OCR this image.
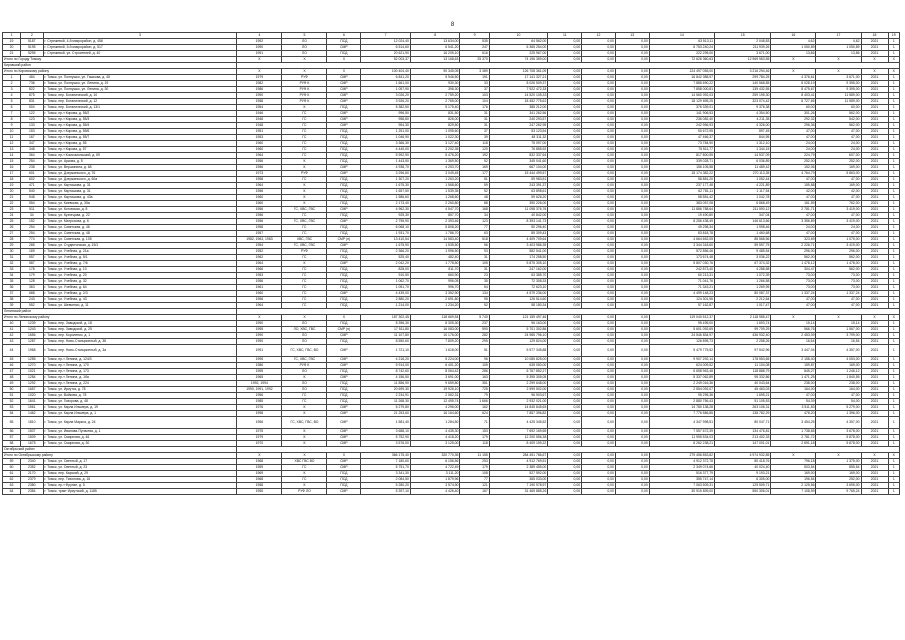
8
1	2	3	4	5	6	7	8	9	10	11	12	13	14	15	16	17	18	19
19	5187	г. Стрежевой, 4-й микрорайон, д. 456	1992	ЛО	ПСД	12 024,40	13 634,00	535	64 562,00	0,00	0,00	0,00	63 513,11	2 048,83	4,62	4,62	2021	1
20	5195	г. Стрежевой, 5-й микрорайон, д. 517	1990	ЛО	СМР	6 514,60	6 541,20	247	6 365 254,00	0,00	0,00	0,00	6 753 240,24	211 939,26	1 050,89	1 050,89	2021	1
21	5295	г. Стрежевой, ул. Строителей, д. 40	1991	ЛО	ПСД	20 621,90	16 205,10	616	225 967,00	0,00	0,00	0,00	222 295,00	3 671,00	13,86	13,86	2021	1
Итого по Городу Томску			X	X	X	52 003,37	13 168,63	25 370	74 196 359,00	0,00	0,00	0,00	72 626 360,63	12 969 963,55	X	X	X	X
Кировский район																		
Итого по Кировскому району			X	X	X	100 404,40	90 345,05	3 389	126 708 361,09	0,00	0,00	0,00	124 497 055,00	3 216 294,46	X	X	X	X
1	484	г. Томск, ул. Полнушко, ул. Гашкова, д. 45	1979	РУФ	СМР	6 841,20	5 946,50	191	17 141 327,21	0,00	0,00	0,00	16 842 088,97	299 784,25	4 376,61	3 671,00	2021	1
2	736	г. Томск, ул. Полнушко, ул. Ленина, д. 19	1982	РУФ К	СМР	1 661,00	930,30	33	8 026 509,37	0,00	0,00	0,00	7 885 690,22	140 568,85	8 028,19	9 395,00	2021	1
3	822	г. Томск, ул. Полнушко, ул. Ленина, д. 30	1986	РУФ К	СМР	1 057,90	398,30	37	7 922 472,33	0,00	0,00	0,00	7 858 000,81	139 432,55	8 475,67	9 395,00	2021	1
4	875	г. Томск, пер. Ботанический, д. 10	1990	РУФ К	СМР	3 026,20	2 759,20	103	14 520 105,33	0,00	0,00	0,00	14 560 092,03	259 195,30	8 403,41	11 589,00	2021	1
5	831	г. Томск, пер. Ботанический, д. 12	1958	РУФ К	СМР	3 926,20	2 765,00	104	18 452 775,62	0,00	0,00	0,00	18 129 695,25	323 074,42	6 727,65	11 589,00	2021	1
6	504	г. Томск, пер. Ботанический, д. 13/1	1954	К	ПСД	5 382,50	5 175,40	176	385 212,00	0,00	0,00	0,00	376 339,01	9 376,38	60,00	60,00	2021	1
7	122	г. Томск, пр-т Кирова, д. 55/2	1946	ГС	СМР	996,50	831,50	31	341 262,56	0,00	0,00	0,00	141 906,53	4 354,50	301,26	562,00	2021	1
8	123	г. Томск, пр-т Кирова, д. 55/3	1948	ГС	СМР	958,80	826,00	31	240 293,57	0,00	0,00	0,00	236 082,40	4 211,35	292,32	542,00	2021	1
9	133	г. Томск, пр-т Кирова, д. 55/4	1948	ГС	СМР	954,30	829,50	31	247 262,95	0,00	0,00	0,00	242 956,93	4 326,00	296,36	562,00	2021	1
10	153	г. Томск, пр-т Кирова, д. 55/6	1951	ГС	ПСД	1 251,00	1 095,60	37	53 123,54	0,00	0,00	0,00	50 672,95	897,45	47,00	47,00	2021	1
11	167	г. Томск, пр-т Кирова, д. 55/7	1953	ГС	ПСД	1 046,90	1 022,30	39	48 311,32	0,00	0,00	0,00	47 466,37	844,95	47,00	47,00	2021	1
12	347	г. Томск, пр-т Кирова, д. 55	1960	ГС	ПСД	3 366,30	3 127,40	118	75 097,00	0,00	0,00	0,00	73 784,90	1 312,10	24,00	24,00	2021	1
13	348	г. Томск, пр-т Кирова, д. 57	1960	ГС	ПСД	4 440,00	3 202,35	120	76 855,92	0,00	0,00	0,00	75 511,77	1 344,15	24,00	24,00	2021	1
14	364	г. Томск, пр-т Комсомольский, д. 69	1964	ГС	ПСД	5 992,90	5 476,20	192	832 337,64	0,00	0,00	0,00	817 800,55	14 537,09	224,79	607,00	2021	1
15	254	г. Томск, ул. Аркова, д. 5	1956	К	ПСД	1 443,50	1 369,50	52	345 041,60	0,00	0,00	0,00	339 028,71	6 036,89	252,00	252,00	2021	1
16	238	г. Томск, ул. Вершинина, д. 68	1956	К	СМР	4 938,70	4 253,70	169	667 104,00	0,00	0,00	0,00	156 105,58	11 489,42	152,06	169,00	2021	1
17	601	г. Томск, ул. Дзержинского, д. 76	1973	РУФ	СМР	3 296,60	3 049,45	177	15 444 499,57	0,00	0,00	0,00	15 174 382,22	270 113,35	4 764,79	5 863,00	2021	1
18	602	г. Томск, ул. Дзержинского, д. 60а	1958	ГС	ПСД	1 307,20	1 263,20	51	59 983,51	0,00	0,00	0,00	58 881,20	1 052,44	47,00	47,00	2021	1
19	471	г. Томск, ул. Карташова, д. 31	1964	К	ПСД	1 675,30	1 568,60	59	243 391,37	0,00	0,00	0,00	237 177,48	4 221,89	155,88	169,00	2021	1
20	540	г. Томск, ул. Карташова, д. 31	1956	К	ПСД	1 657,50	1 539,35	52	63 898,61	0,00	0,00	0,00	62 781,11	1 117,54	42,00	42,00	2021	1
21	548	г. Томск, ул. Карташова, д. 43а	1960	К	ПСД	1 586,60	1 268,60	48	59 626,20	0,00	0,00	0,00	58 581,42	1 042,78	47,00	47,00	2021	1
22	554	г. Томск, ул. Киевская, д. 35а	1960	К	ПСД	2 173,40	2 260,80	88	390 226,00	0,00	0,00	0,00	383 057,08	6 868,49	161,59	762,00	2021	1
23	511	г. Томск, ул. Котовская, д. 8	1956	ГС, ХВС, ГВС	СМР	4 962,30	4 547,70	168	11 098 376,76	0,00	0,00	0,00	11 886 788,64	211 590,12	2 781,71	3 419,00	2021	1
24	34	г. Томск, ул. Кузнецова, д. 22	1956	ГС	ПСД	925,30	857,70	34	40 842,00	0,00	0,00	0,00	19 490,80	347,04	47,00	47,00	2021	1
25	152	г. Томск, ул. Матросова, д. 6	1956	ГС, ХВС, ГВС	СМР	2 795,90	2 393,46	123	8 393 141,73	0,00	0,00	0,00	8 256 438,49	146 613,66	3 356,89	3 419,00	2021	1
26	254	г. Томск, ул. Советская, д. 46	1958	ГС	ПСД	6 068,10	5 808,20	77	50 296,40	0,00	0,00	0,00	49 298,34	1 998,46	24,00	24,00	2021	1
27	254	г. Томск, ул. Советская, д. 48	1957	ГС	ПСД	1 931,70	1 786,70	63	85 309,43	0,00	0,00	0,00	83 818,78	1 460,68	47,00	47,00	2021	1
28	774	г. Томск, ул. Советская, д. 105	1982, 1963, 1983	ХВС, ГВС	СМР (п)	13 410,54	14 583,40	518	4 409 709,64	0,00	0,00	0,00	4 664 652,05	85 568,56	323,69	1 075,00	2021	1
29	285	г. Томск, ул. Студенческая, д. 15/1	1954	ГС, ХВС, ГВС	СМР	1 675,90	1 535,50	56	3 403 986,35	0,00	0,00	0,00	3 344 318,60	59 597,75	2 226,71	3 419,00	2021	1
30	169	г. Томск, ул. Учебная, д. 21а	1952	РУФ	ПСД	2 366,20	1 996,50	93	582 541,00	0,00	0,00	0,00	572 856,46	9 485,54	296,00	296,00	2021	1
31	557	г. Томск, ул. Учебная, д. 5/1	1962	ГС	ПСД	525,40	482,40	31	174 258,50	0,00	0,00	0,00	173 674,48	3 036,22	562,00	562,00	2021	1
32	587	г. Томск, ул. Учебная, д. 7/6	1964	К	СМР	2 042,20	1 778,50	105	5 875 305,10	0,00	0,00	0,00	5 807 030,76	67 374,32	1 478,12	1 478,00	2021	1
33	178	г. Томск, ул. Учебная, д. 10	1966	ГС	ПСД	828,00	811,70	31	247 162,00	0,00	0,00	0,00	242 873,40	4 288,58	304,47	562,00	2021	1
34	179	г. Томск, ул. Учебная, д. 20	1953	ГС	ПСД	910,50	660,90	23	63 385,70	0,00	0,00	0,00	60 213,31	1 072,39	73,00	73,00	2021	1
35	128	г. Томск, ул. Учебная, д. 32	1956	ГС	ПСД	1 062,70	996,05	35	72 308,33	0,00	0,00	0,00	71 041,76	1 266,58	73,00	73,00	2021	1
36	363	г. Томск, ул. Учебная, д. 64	1961	ГС	ПСД	1 051,70	996,70	54	72 623,10	0,00	0,00	0,00	71 343,21	1 269,95	73,00	73,00	2021	1
37	688	г. Томск, ул. Учебная, д. 2/3	1960	ГС	СМР	4 439,00	3 352,90	134	4 579 236,00	0,00	0,00	0,00	4 499 148,23	80 087,37	1 337,24	1 337,24	2021	1
38	243	г. Томск, ул. Учебная, д. 43	1956	ГС	ПСД	2 880,20	2 691,80	95	126 514,60	0,00	0,00	0,00	124 301,96	2 212,64	47,00	47,00	2021	1
39	552	г. Томск, ул. Шевченко, д. 11	1964	ГС	ПСД	1 214,00	1 234,20	52	58 180,34	0,00	0,00	0,00	57 162,87	1 017,47	47,00	47,00	2021	1
Ленинский район																		
Итого по Ленинскому району			X	X	X	187 302,45	118 669,54	5 740	121 159 497,46	0,00	0,00	0,00	119 040 512,37	2 118 985,47	X	X	X	X
40	1239	г. Томск, пер. Заводской, д. 18	1990	ЛО	ПСД	8 396,30	8 305,30	237	96 163,00	0,00	0,00	0,00	95 495,00	1 693,74	15,14	15,14	2021	1
41	1243	г. Томск, пер. Заводской, д. 25	1995	ЛО, ХВС, ГВС	СМР (п)	17 511,80	16 083,00	590	5 701 302,86	0,00	0,00	0,00	5 601 092,69	99 709,29	566,76	1 567,00	2021	1
42	1656	г. Томск, пер. Короленко, д. 1	1990	ЛО	СМР	11 107,80	10 176,00	282	24 985 796,10	0,00	0,00	0,00	24 546 834,97	436 932,40	2 453,09	3 799,00	2021	1
43	1287	г. Томск, пер. Ново-Станционный, д. 38	1990	ЛО	ПСД	8 550,60	7 809,20	295	129 824,00	0,00	0,00	0,00	126 895,73	2 258,26	16,54	16,54	2021	1
44	1968	г. Томск, пер. Ново-Станционный, д. 3а	1991	ГС, ХВС, ГВС, ВО	СМР	1 721,10	1 618,00	51	5 577 345,88	0,00	0,00	0,00	5 479 775,52	97 542,96	3 447,04	4 357,00	2021	1
45	1255	г. Томск, пр-т Ленина, д. 124/3	1995	ГС, ХВС, ГВС	СМР	4 216,20	5 224,00	96	10 085 825,00	0,00	0,00	0,00	9 907 292,14	178 553,65	2 158,40	4 053,00	2021	1
46	1270	г. Томск, пр-т Ленина, д. 170	1986	РУФ К	СМР	5 914,00	6 401,20	105	635 050,00	0,00	0,00	0,00	624 009,52	11 104,08	159,87	169,00	2021	1
47	1021	г. Томск, пр-т Ленина, д. 173	1995	ЛО	ПСД	8 742,60	8 064,42	286	6 767 852,27	0,00	0,00	0,00	6 658 963,48	118 888,79	845,27	1 246,12	2021	1
48	1284	г. Томск, пр-т Ленина, д. 1ба	1965	К	СМР	4 156,50	3 691,00	163	5 395 305,05	0,00	0,00	0,00	5 337 062,89	95 332,86	1 471,25	1 840,55	2021	1
49	1292	г. Томск, пр-т Ленина, д. 224	1992, 1994	ЛО	ПСД	11 856,90	9 659,80	351	2 299 648,00	0,00	0,00	0,00	2 249 016,36	40 043,64	238,00	238,00	2021	1
50	1657	г. Томск, ул. Иркутск, д. 78	1990, 1991, 1992	ЛО	ПСД	20 699,30	19 926,10	725	2 599 502,00	0,00	0,00	0,00	2 554 092,07	45 463,03	164,00	164,00	2021	1
51	1020	г. Томск, ул. Войкова, д. 78	1956	ГС	ПСД	2 234,91	2 062,31	79	96 903,67	0,00	0,00	0,00	95 295,36	1 695,21	47,00	47,00	2021	1
52	1641	г. Томск, ул. Говорова, д. 48	1985	ГС	ПСД	11 268,30	12 495,74	1 666	2 932 021,00	0,00	0,00	0,00	2 880 756,43	51 105,53	54,39	54,00	2021	1
53	1561	г. Томск, ул. Карла Ильмера, д. 19	1976	К	СМР	5 279,80	4 296,00	162	14 845 845,65	0,00	0,00	0,00	14 780 138,28	263 106,31	3 511,83	5 279,00	2021	1
54	1462	г. Томск, ул. Карла Ильмера, д. 1	1998	К	СМР	21 253,60	16 164,60	624	7 857 396,82	0,00	0,00	0,00	7 776 586,85	138 782,29	478,20	1 396,00	2021	1
55	1810	г. Томск, ул. Карла Маркса, д. 24	1956	ГС, ХВС, ГВС, ВО	СМР	1 581,40	1 284,50	71	4 425 345,52	0,00	0,00	0,00	4 347 998,51	80 047,71	3 454,25	4 357,00	2021	1
56	1507	г. Томск, ул. Иванова-Пугачева, д. 1	1975	К	СМР	3 688,10	4 435,30	153	7 692 169,65	0,00	0,00	0,00	7 557 672,39	134 476,81	1 738,65	3 678,00	2021	1
57	1509	г. Томск, ул. Смирнова, д. 46	1979	К	СМР	5 752,90	4 418,20	179	12 200 556,38	0,00	0,00	0,00	11 955 534,03	213 402,33	2 781,72	5 878,00	2021	1
58	1675	г. Томск, ул. Смирнова, д. 30	1970	К	СМР	3 576,00	3 125,00	118	8 409 159,22	0,00	0,00	0,00	8 262 238,21	147 001,01	2 691,18	5 878,00	2021	1
Октябрьский район																		
Итого по Октябрьскому району			X	X	X	366 175,40	320 770,35	11 155	284 451 786,67	0,00	0,00	0,00	279 456 853,82	4 974 932,85	X	X	X	X
59	2340	г. Томск, ул. Светлый, д. 17	1968	ХВС ГВС ВО	СМР	7 180,60	6 156,56	253	4 912 769,51	0,00	0,00	0,00	4 912 372,78	80 418,76	796,18	1 375,00	2021	1
60	2352	г. Томск, ул. Светлый, д. 23	1959	ГС	СМР	5 751,70	4 722,49	179	2 389 455,00	0,00	0,00	0,00	2 349 074,66	40 024,40	503,54	855,54	2021	1
61	2170	г. Томск, пер. Карский, д. 29	1969	К	ПСД	3 341,30	3 111,20	108	527 592,00	0,00	0,00	0,00	516 377,79	9 193,21	169,00	169,00	2021	1
62	2379	г. Томск, пер. Тихонова, д. 16	1968	ГС	ПСД	2 084,50	1 879,96	77	365 033,00	0,00	0,00	0,00	355 747,14	6 305,00	196,54	252,00	2021	1
63	2380	г. Томск, пр-т Фрунзе, д. 5	1958	К	ПСД	5 280,20	3 574,90	121	7 190 978,97	0,00	0,00	0,00	7 063 509,31	125 509,71	2 125,56	3 695,00	2021	1
64	2384	г. Томск, тракт Иркутский, д. 1185	1955	РУФ ЛО	СМР	5 397,10	4 426,40	167	31 465 885,26	0,00	0,00	0,00	30 915 839,00	550 306,01	7 108,59	9 765,24	2021	1
